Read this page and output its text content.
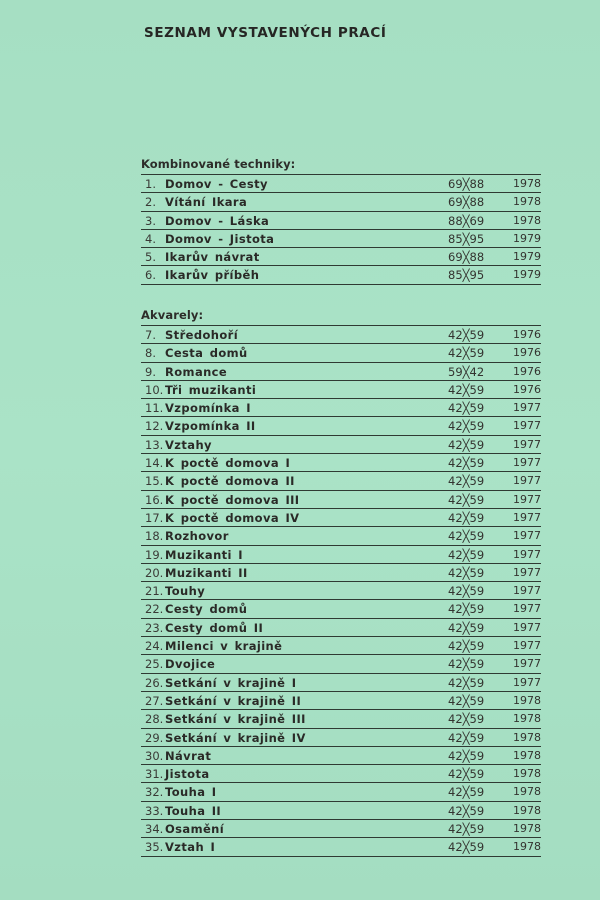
SEZNAM VYSTAVENÝCH PRACÍ
Kombinované techniky:
1. Domov - Cesty	69╳88	1978
2. Vítání Ikara	69╳88	1978
3. Domov - Láska	88╳69	1978
4. Domov - Jistota	85╳95	1979
5. Ikarův návrat	69╳88	1979
6. Ikarův příběh	85╳95	1979
Akvarely:
7. Středohoří	42╳59	1976
8. Cesta domů	42╳59	1976
9. Romance	59╳42	1976
10. Tři muzikanti	42╳59	1976
11. Vzpomínka I	42╳59	1977
12. Vzpomínka II	42╳59	1977
13. Vztahy	42╳59	1977
14. K poctě domova I	42╳59	1977
15. K poctě domova II	42╳59	1977
16. K poctě domova III	42╳59	1977
17. K poctě domova IV	42╳59	1977
18. Rozhovor	42╳59	1977
19. Muzikanti I	42╳59	1977
20. Muzikanti II	42╳59	1977
21. Touhy	42╳59	1977
22. Cesty domů	42╳59	1977
23. Cesty domů II	42╳59	1977
24. Milenci v krajině	42╳59	1977
25. Dvojice	42╳59	1977
26. Setkání v krajině I	42╳59	1977
27. Setkání v krajině II	42╳59	1978
28. Setkání v krajině III	42╳59	1978
29. Setkání v krajině IV	42╳59	1978
30. Návrat	42╳59	1978
31. Jistota	42╳59	1978
32. Touha I	42╳59	1978
33. Touha II	42╳59	1978
34. Osamění	42╳59	1978
35. Vztah I	42╳59	1978
